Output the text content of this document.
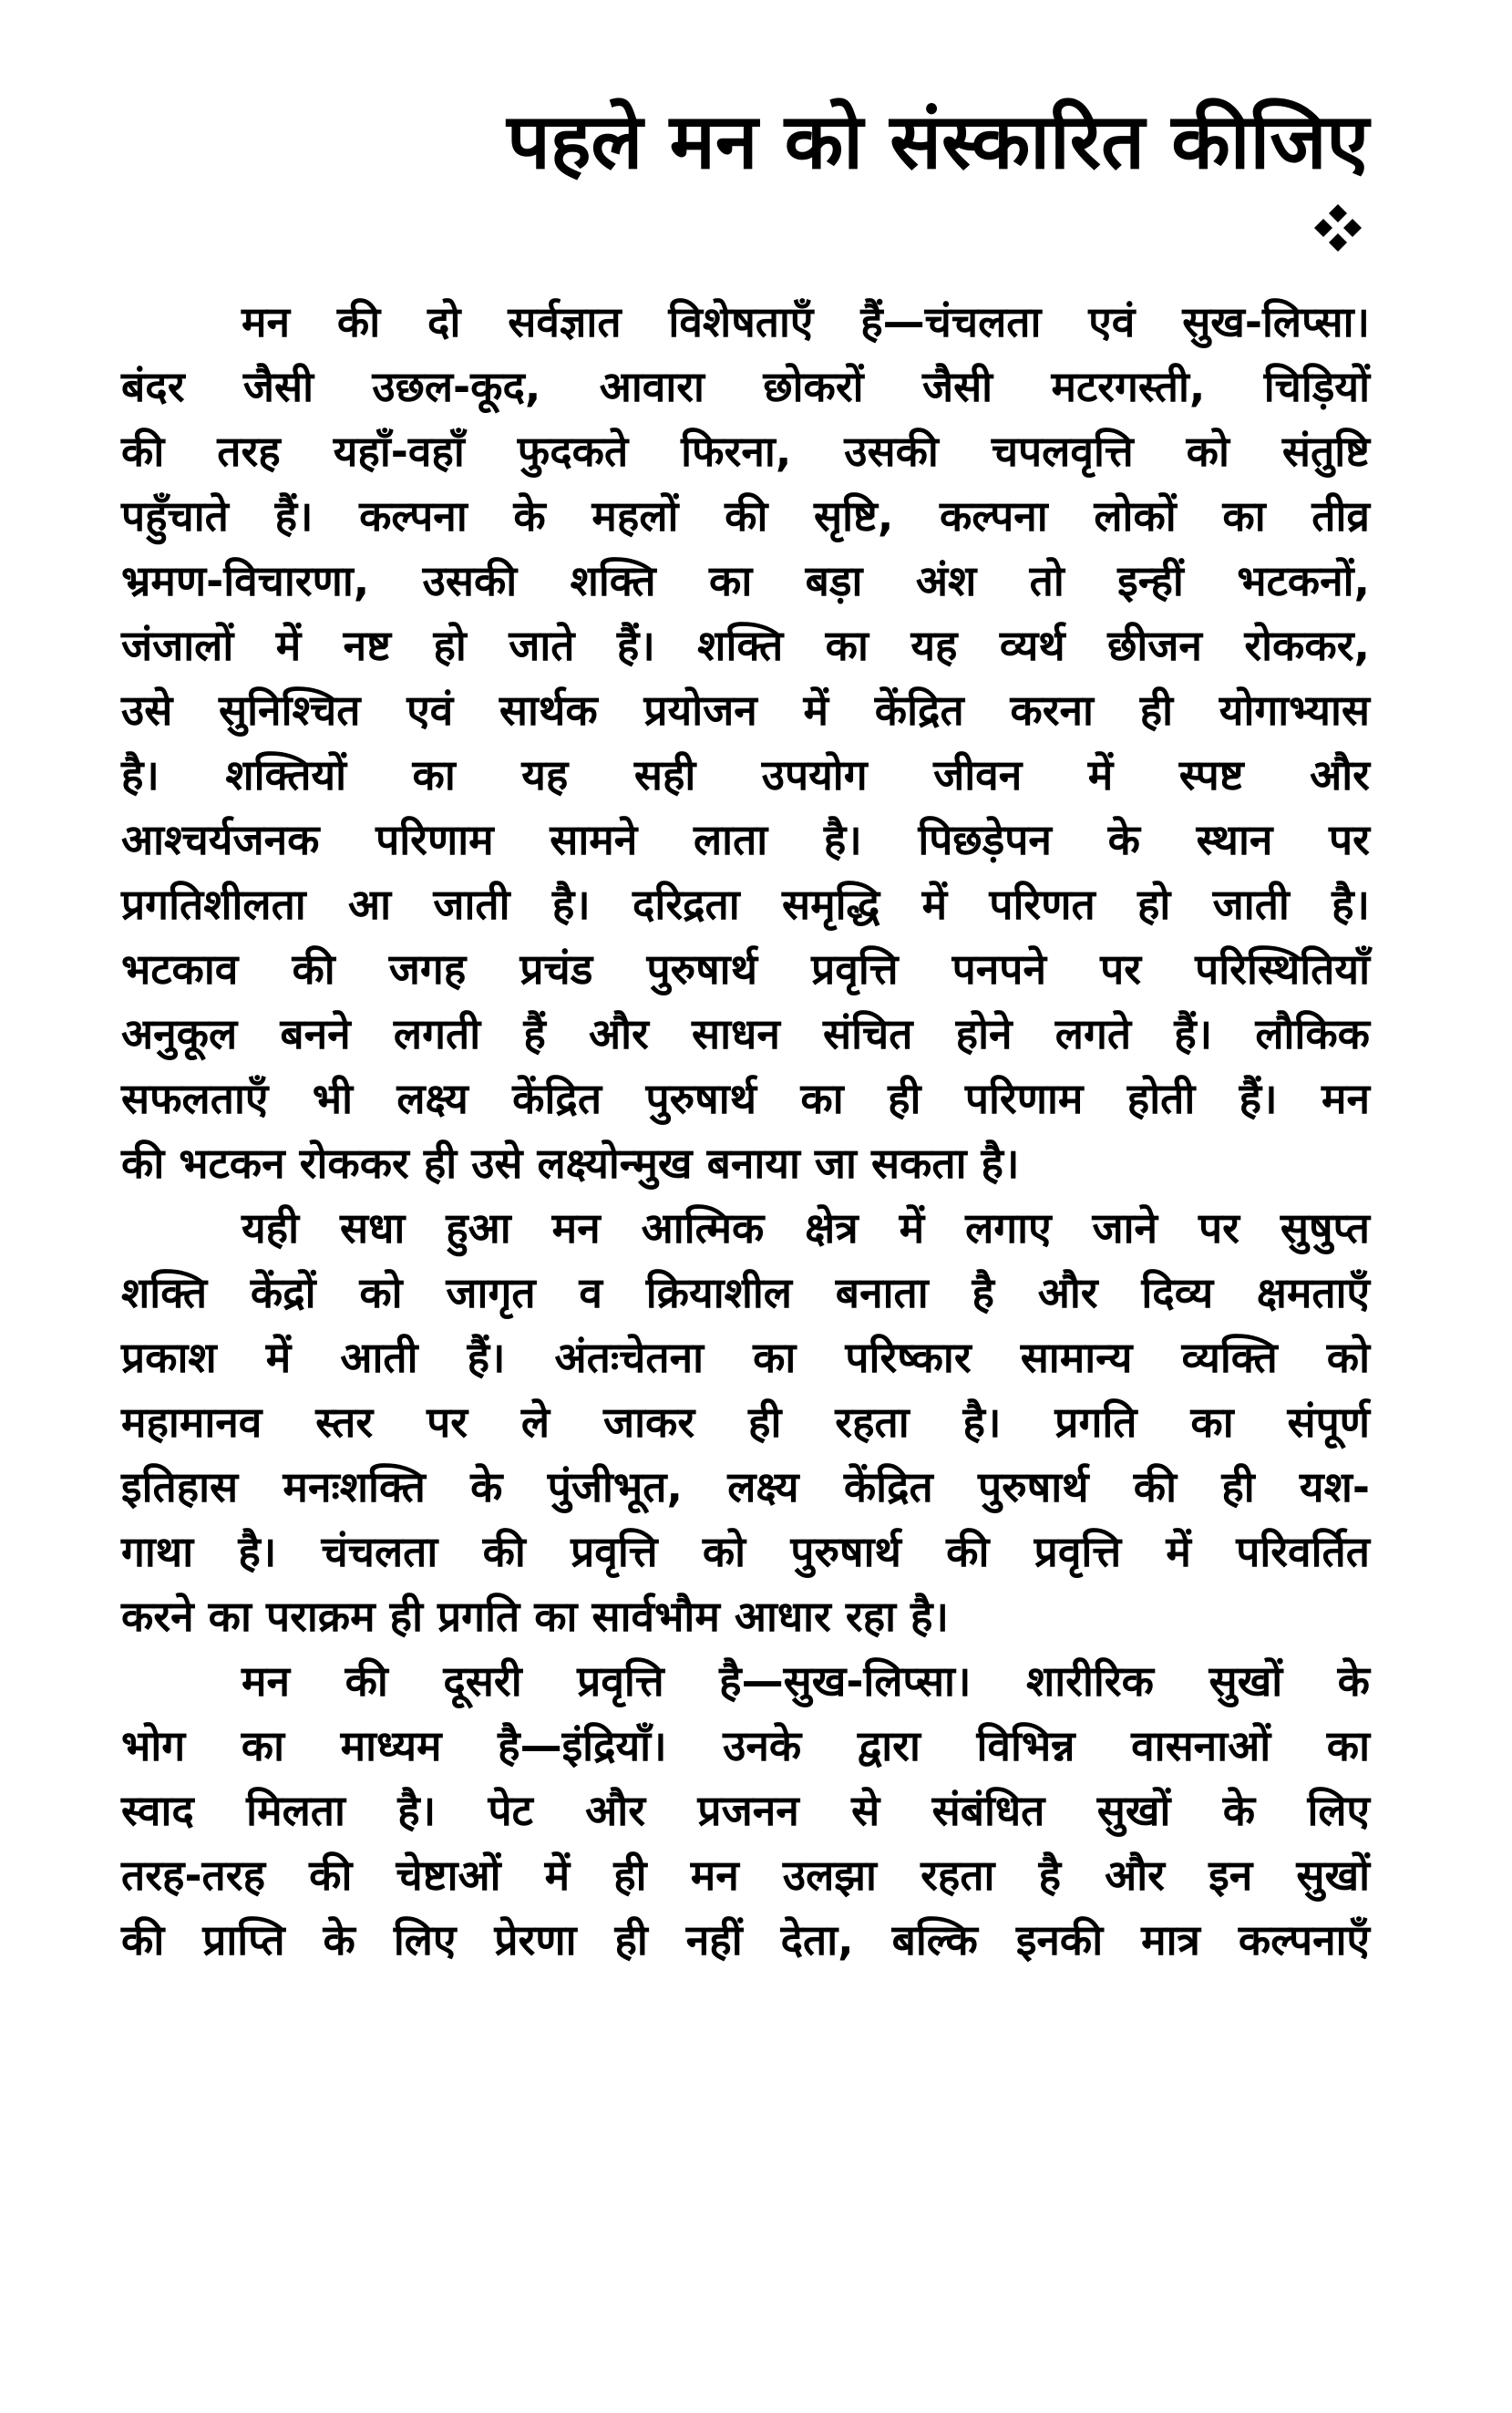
पहले मन को संस्कारित कीजिए
मन की दो सर्वज्ञात विशेषताएँ हैं—चंचलता एवं सुख-लिप्सा।
बंदर जैसी उछल-कूद, आवारा छोकरों जैसी मटरगस्ती, चिड़ियों
की तरह यहाँ-वहाँ फुदकते फिरना, उसकी चपलवृत्ति को संतुष्टि
पहुँचाते हैं। कल्पना के महलों की सृष्टि, कल्पना लोकों का तीव्र
भ्रमण-विचारणा, उसकी शक्ति का बड़ा अंश तो इन्हीं भटकनों,
जंजालों में नष्ट हो जाते हैं। शक्ति का यह व्यर्थ छीजन रोककर,
उसे सुनिश्चित एवं सार्थक प्रयोजन में केंद्रित करना ही योगाभ्यास
है। शक्तियों का यह सही उपयोग जीवन में स्पष्ट और
आश्चर्यजनक परिणाम सामने लाता है। पिछड़ेपन के स्थान पर
प्रगतिशीलता आ जाती है। दरिद्रता समृद्धि में परिणत हो जाती है।
भटकाव की जगह प्रचंड पुरुषार्थ प्रवृत्ति पनपने पर परिस्थितियाँ
अनुकूल बनने लगती हैं और साधन संचित होने लगते हैं। लौकिक
सफलताएँ भी लक्ष्य केंद्रित पुरुषार्थ का ही परिणाम होती हैं। मन
की भटकन रोककर ही उसे लक्ष्योन्मुख बनाया जा सकता है।
यही सधा हुआ मन आत्मिक क्षेत्र में लगाए जाने पर सुषुप्त
शक्ति केंद्रों को जागृत व क्रियाशील बनाता है और दिव्य क्षमताएँ
प्रकाश में आती हैं। अंतःचेतना का परिष्कार सामान्य व्यक्ति को
महामानव स्तर पर ले जाकर ही रहता है। प्रगति का संपूर्ण
इतिहास मनःशक्ति के पुंजीभूत, लक्ष्य केंद्रित पुरुषार्थ की ही यश-
गाथा है। चंचलता की प्रवृत्ति को पुरुषार्थ की प्रवृत्ति में परिवर्तित
करने का पराक्रम ही प्रगति का सार्वभौम आधार रहा है।
मन की दूसरी प्रवृत्ति है—सुख-लिप्सा। शारीरिक सुखों के
भोग का माध्यम है—इंद्रियाँ। उनके द्वारा विभिन्न वासनाओं का
स्वाद मिलता है। पेट और प्रजनन से संबंधित सुखों के लिए
तरह-तरह की चेष्टाओं में ही मन उलझा रहता है और इन सुखों
की प्राप्ति के लिए प्रेरणा ही नहीं देता, बल्कि इनकी मात्र कल्पनाएँ
